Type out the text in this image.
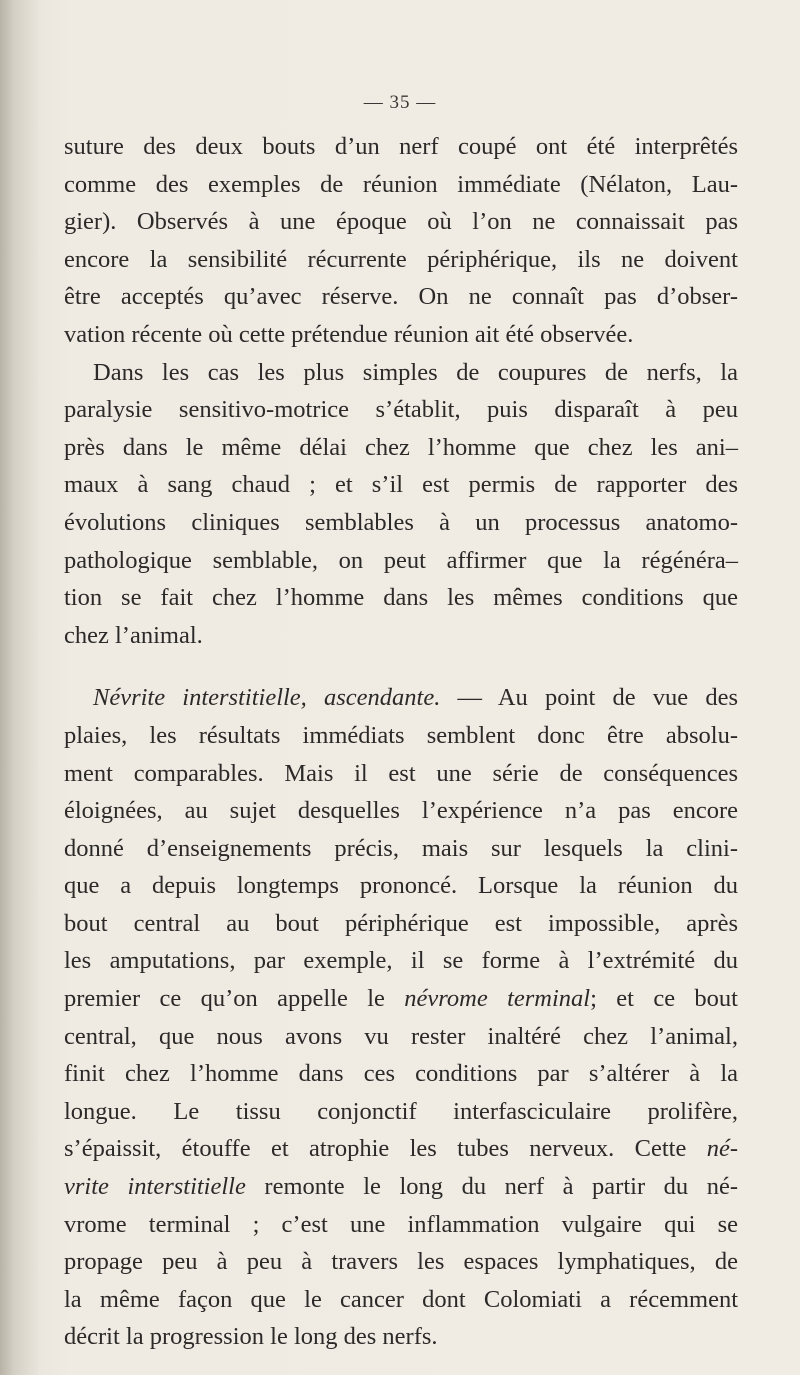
— 35 —
suture des deux bouts d’un nerf coupé ont été interprêtés
comme des exemples de réunion immédiate (Nélaton, Lau-
gier). Observés à une époque où l’on ne connaissait pas
encore la sensibilité récurrente périphérique, ils ne doivent
être acceptés qu’avec réserve. On ne connaît pas d’obser-
vation récente où cette prétendue réunion ait été observée.
Dans les cas les plus simples de coupures de nerfs, la
paralysie sensitivo-motrice s’établit, puis disparaît à peu
près dans le même délai chez l’homme que chez les ani–
maux à sang chaud ; et s’il est permis de rapporter des
évolutions cliniques semblables à un processus anatomo-
pathologique semblable, on peut affirmer que la régénéra–
tion se fait chez l’homme dans les mêmes conditions que
chez l’animal.
Névrite interstitielle, ascendante. — Au point de vue des
plaies, les résultats immédiats semblent donc être absolu-
ment comparables. Mais il est une série de conséquences
éloignées, au sujet desquelles l’expérience n’a pas encore
donné d’enseignements précis, mais sur lesquels la clini-
que a depuis longtemps prononcé. Lorsque la réunion du
bout central au bout périphérique est impossible, après
les amputations, par exemple, il se forme à l’extrémité du
premier ce qu’on appelle le névrome terminal; et ce bout
central, que nous avons vu rester inaltéré chez l’animal,
finit chez l’homme dans ces conditions par s’altérer à la
longue. Le tissu conjonctif interfasciculaire prolifère,
s’épaissit, étouffe et atrophie les tubes nerveux. Cette né-
vrite interstitielle remonte le long du nerf à partir du né-
vrome terminal ; c’est une inflammation vulgaire qui se
propage peu à peu à travers les espaces lymphatiques, de
la même façon que le cancer dont Colomiati a récemment
décrit la progression le long des nerfs.
